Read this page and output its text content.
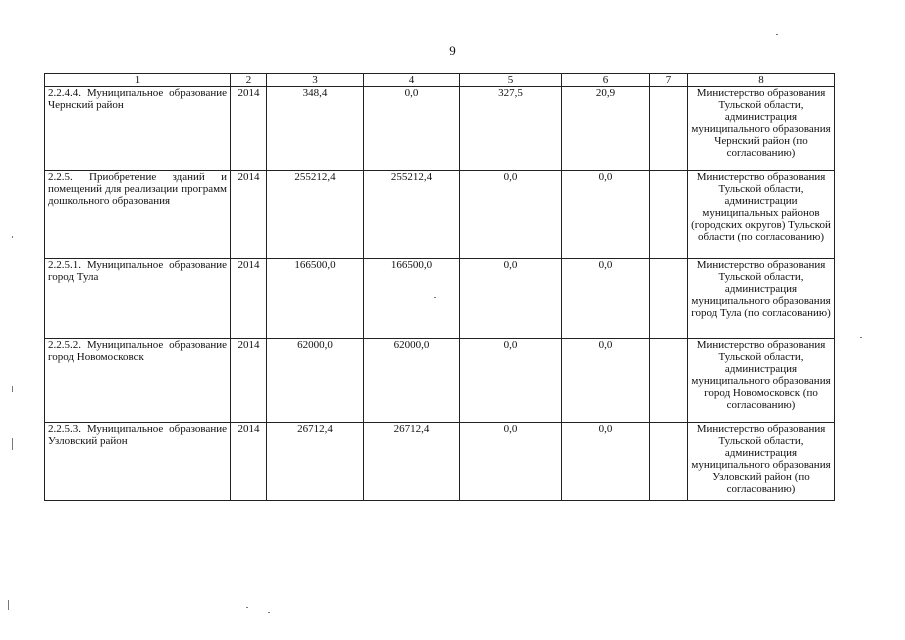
9
1	2	3	4	5	6	7	8
2.2.4.4. Муниципальное образование Чернский район	2014	348,4	0,0	327,5	20,9		Министерство образования Тульской области, администрация муниципального образования Чернский район (по согласованию)
2.2.5. Приобретение зданий и помещений для реализации программ дошкольного образования	2014	255212,4	255212,4	0,0	0,0		Министерство образования Тульской области, администрации муниципальных районов (городских округов) Тульской области (по согласованию)
2.2.5.1. Муниципальное образование город Тула	2014	166500,0	166500,0	0,0	0,0		Министерство образования Тульской области, администрация муниципального образования город Тула (по согласованию)
2.2.5.2. Муниципальное образование город Новомосковск	2014	62000,0	62000,0	0,0	0,0		Министерство образования Тульской области, администрация муниципального образования город Новомосковск (по согласованию)
2.2.5.3. Муниципальное образование Узловский район	2014	26712,4	26712,4	0,0	0,0		Министерство образования Тульской области, администрация муниципального образования Узловский район (по согласованию)
